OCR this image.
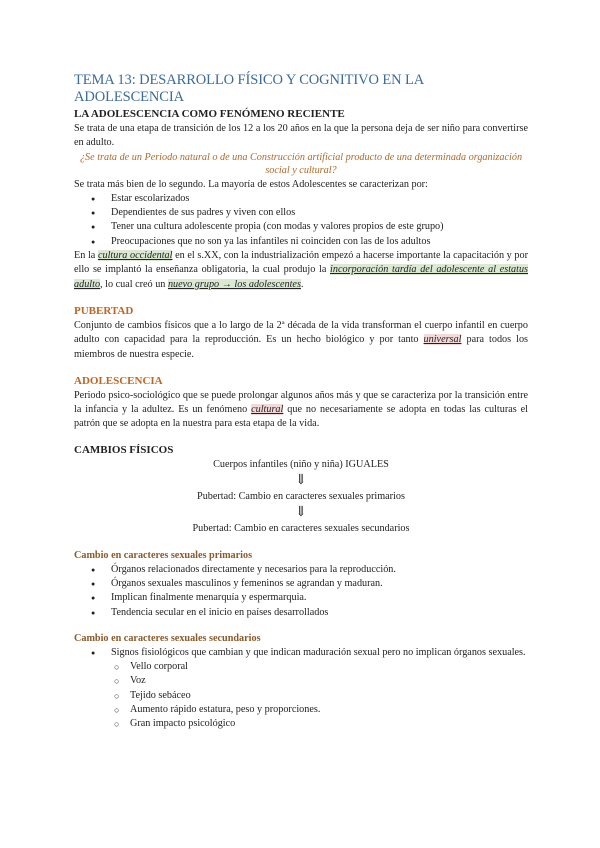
TEMA 13: DESARROLLO FÍSICO Y COGNITIVO EN LA ADOLESCENCIA
LA ADOLESCENCIA COMO FENÓMENO RECIENTE
Se trata de una etapa de transición de los 12 a los 20 años en la que la persona deja de ser niño para convertirse en adulto.
¿Se trata de un Periodo natural o de una Construcción artificial producto de una determinada organización social y cultural?
Se trata más bien de lo segundo. La mayoría de estos Adolescentes se caracterizan por:
● Estar escolarizados
● Dependientes de sus padres y viven con ellos
● Tener una cultura adolescente propia (con modas y valores propios de este grupo)
● Preocupaciones que no son ya las infantiles ni coinciden con las de los adultos
En la cultura occidental en el s.XX, con la industrialización empezó a hacerse importante la capacitación y por ello se implantó la enseñanza obligatoria, la cual produjo la incorporación tardía del adolescente al estatus adulto, lo cual creó un nuevo grupo → los adolescentes.
PUBERTAD
Conjunto de cambios físicos que a lo largo de la 2ª década de la vida transforman el cuerpo infantil en cuerpo adulto con capacidad para la reproducción. Es un hecho biológico y por tanto universal para todos los miembros de nuestra especie.
ADOLESCENCIA
Periodo psico-sociológico que se puede prolongar algunos años más y que se caracteriza por la transición entre la infancia y la adultez. Es un fenómeno cultural que no necesariamente se adopta en todas las culturas el patrón que se adopta en la nuestra para esta etapa de la vida.
CAMBIOS FÍSICOS
Cuerpos infantiles (niño y niña) IGUALES
⇓
Pubertad: Cambio en caracteres sexuales primarios
⇓
Pubertad: Cambio en caracteres sexuales secundarios
Cambio en caracteres sexuales primarios
● Órganos relacionados directamente y necesarios para la reproducción.
● Órganos sexuales masculinos y femeninos se agrandan y maduran.
● Implican finalmente menarquía y espermarquia.
● Tendencia secular en el inicio en países desarrollados
Cambio en caracteres sexuales secundarios
● Signos fisiológicos que cambian y que indican maduración sexual pero no implican órganos sexuales.
○ Vello corporal
○ Voz
○ Tejido sebáceo
○ Aumento rápido estatura, peso y proporciones.
○ Gran impacto psicológico
